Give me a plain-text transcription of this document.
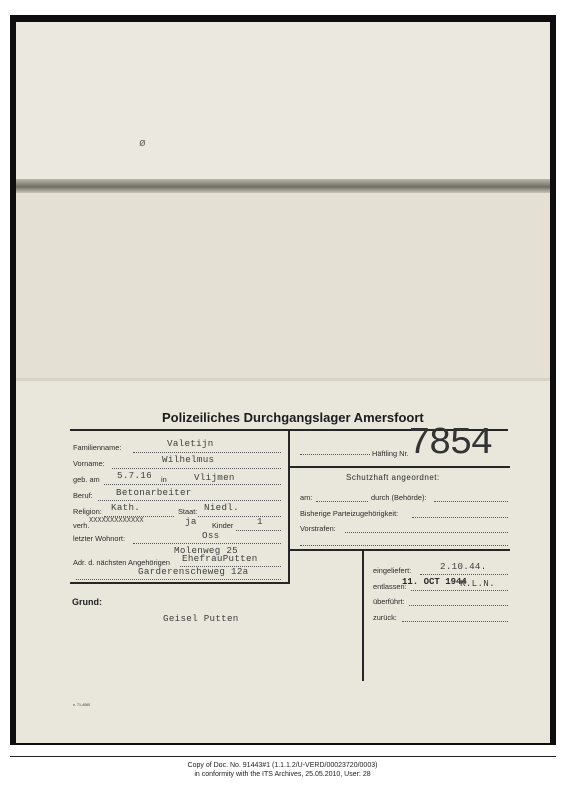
ø
Polizeiliches Durchgangslager Amersfoort
Häftling Nr. 7854
Familienname:	Valetijn
Vorname:	Wilhelmus
geb. am 5.7.16 in	Vlijmen
Beruf:	Betonarbeiter
Religion: Kath.	Staat: Niedl.
verh. XXXXXXXXXXXXX	ja Kinder	1
letzter Wohnort:	Oss
Molenweg 25
Adr. d. nächsten Angehörigen EhefrauPutten
Garderenscheweg 12a
Schutzhaft angeordnet:
am:	durch (Behörde):
Bisherige Parteizugehörigkeit:
Vorstrafen:
eingeliefert:	2.10.44.
entlassen:
11. OCT 1944
K.L.N.
überführt:
zurück:
Grund:
Geisel Putten
n. 71-4060
Copy of Doc. No. 91443#1 (1.1.1.2/U-VERD/00023720/0003)
in conformity with the ITS Archives, 25.05.2010, User: 28
